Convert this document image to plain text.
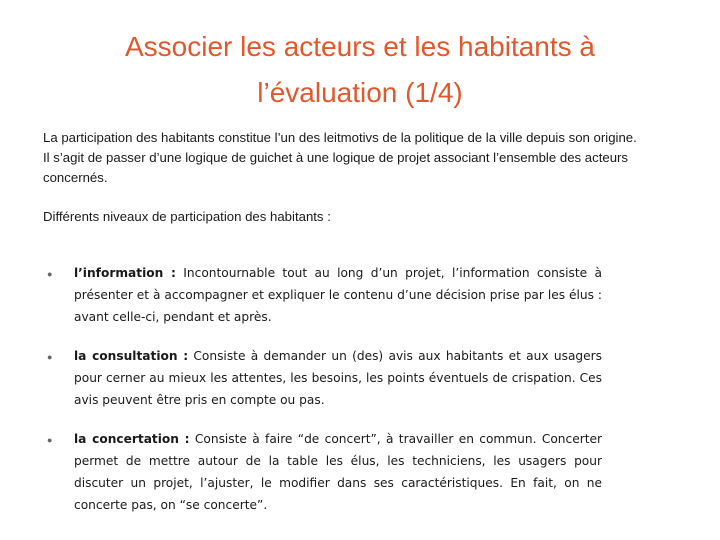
Associer les acteurs et les habitants à
l’évaluation (1/4)

La participation des habitants constitue l’un des leitmotivs de la politique de la ville depuis son origine.

Il s’agit de passer d’une logique de guichet à une logique de projet associant l’ensemble des acteurs concernés.

Différents niveaux de participation des habitants :

●	l’information : Incontournable tout au long d’un projet, l’information consiste à présenter et à accompagner et expliquer le contenu d’une décision prise par les élus : avant celle-ci, pendant et après.
●	la consultation : Consiste à demander un (des) avis aux habitants et aux usagers pour cerner au mieux les attentes, les besoins, les points éventuels de crispation. Ces avis peuvent être pris en compte ou pas.
●	la concertation : Consiste à faire “de concert”, à travailler en commun. Concerter permet de mettre autour de la table les élus, les techniciens, les usagers pour discuter un projet, l’ajuster, le modifier dans ses caractéristiques. En fait, on ne concerte pas, on “se concerte”.
